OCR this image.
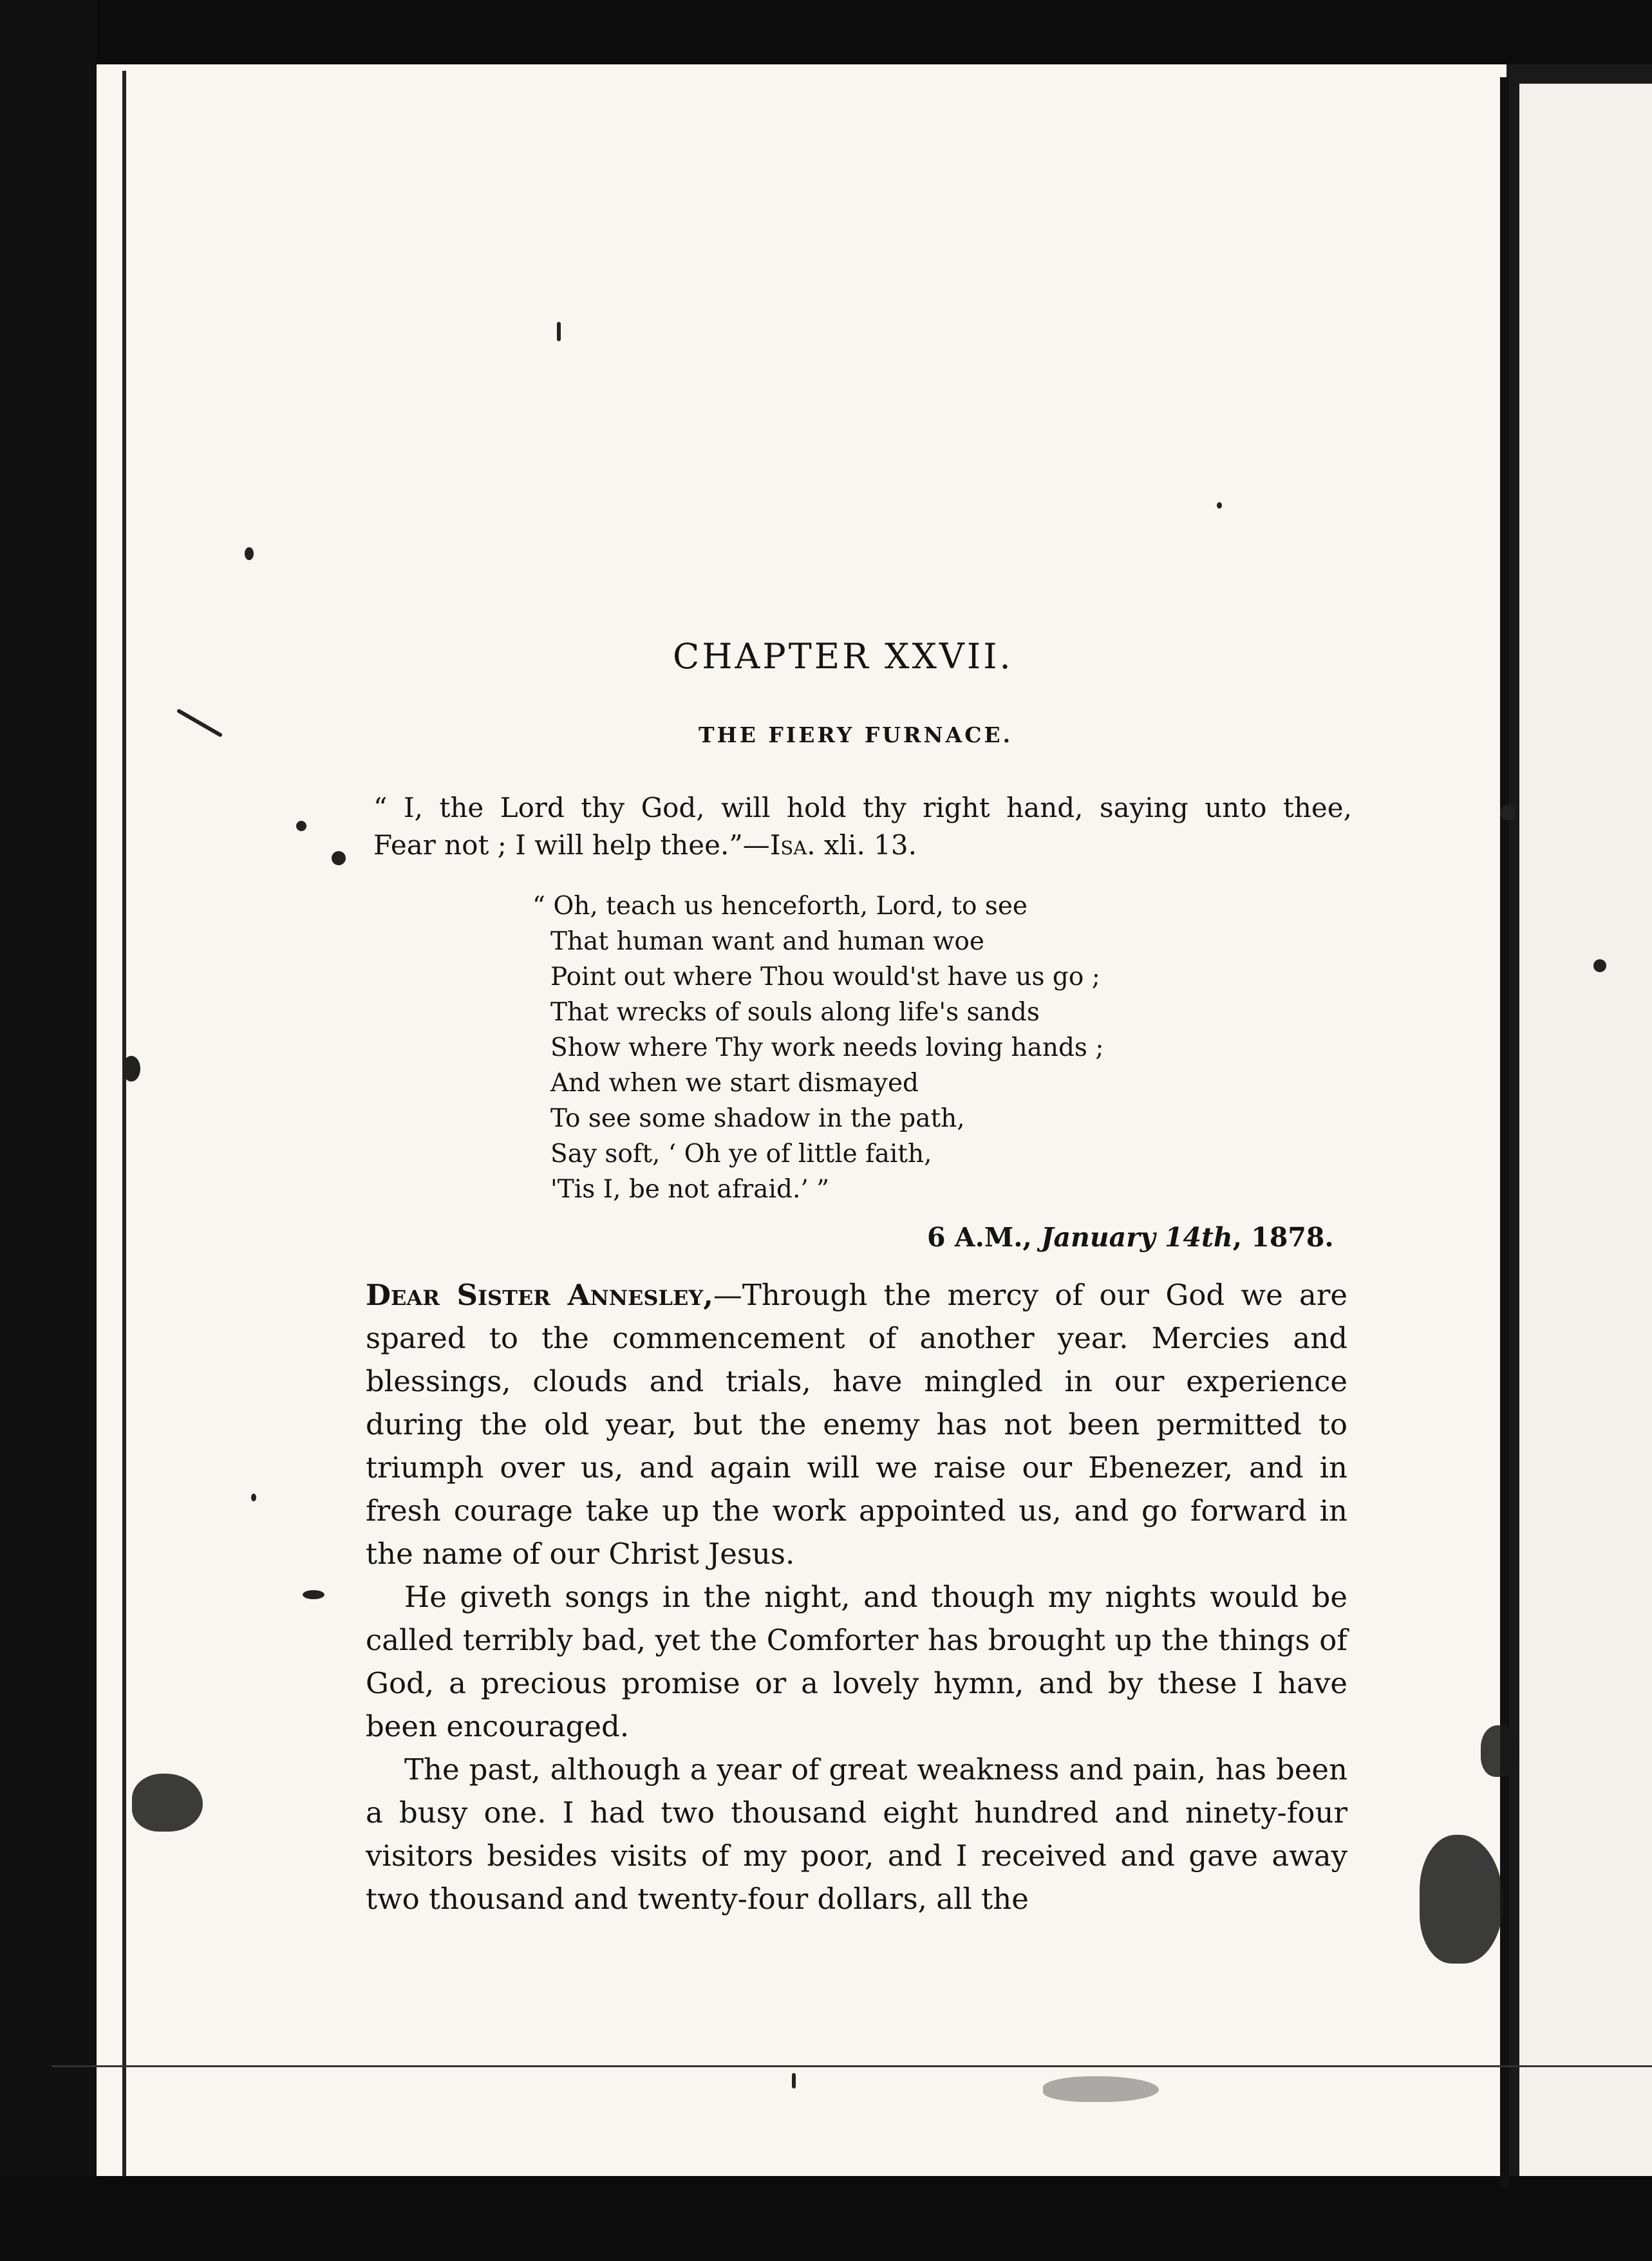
CHAPTER XXVII.
THE FIERY FURNACE.
“ I, the Lord thy God, will hold thy right hand, saying unto thee,
Fear not ; I will help thee.”—Isa. xli. 13.
“ Oh, teach us henceforth, Lord, to see
That human want and human woe
Point out where Thou would'st have us go ;
That wrecks of souls along life's sands
Show where Thy work needs loving hands ;
And when we start dismayed
To see some shadow in the path,
Say soft, ‘ Oh ye of little faith,
'Tis I, be not afraid.’ ”
6 A.M., January 14th, 1878.

Dear Sister Annesley,—Through the mercy of our God we are spared to the commencement of another year. Mercies and blessings, clouds and trials, have mingled in our experience during the old year, but the enemy has not been permitted to triumph over us, and again will we raise our Ebenezer, and in fresh courage take up the work appointed us, and go forward in the name of our Christ Jesus.

He giveth songs in the night, and though my nights would be called terribly bad, yet the Comforter has brought up the things of God, a precious promise or a lovely hymn, and by these I have been encouraged.

The past, although a year of great weakness and pain, has been a busy one. I had two thousand eight hundred and ninety-four visitors besides visits of my poor, and I received and gave away two thousand and twenty-four dollars, all the
